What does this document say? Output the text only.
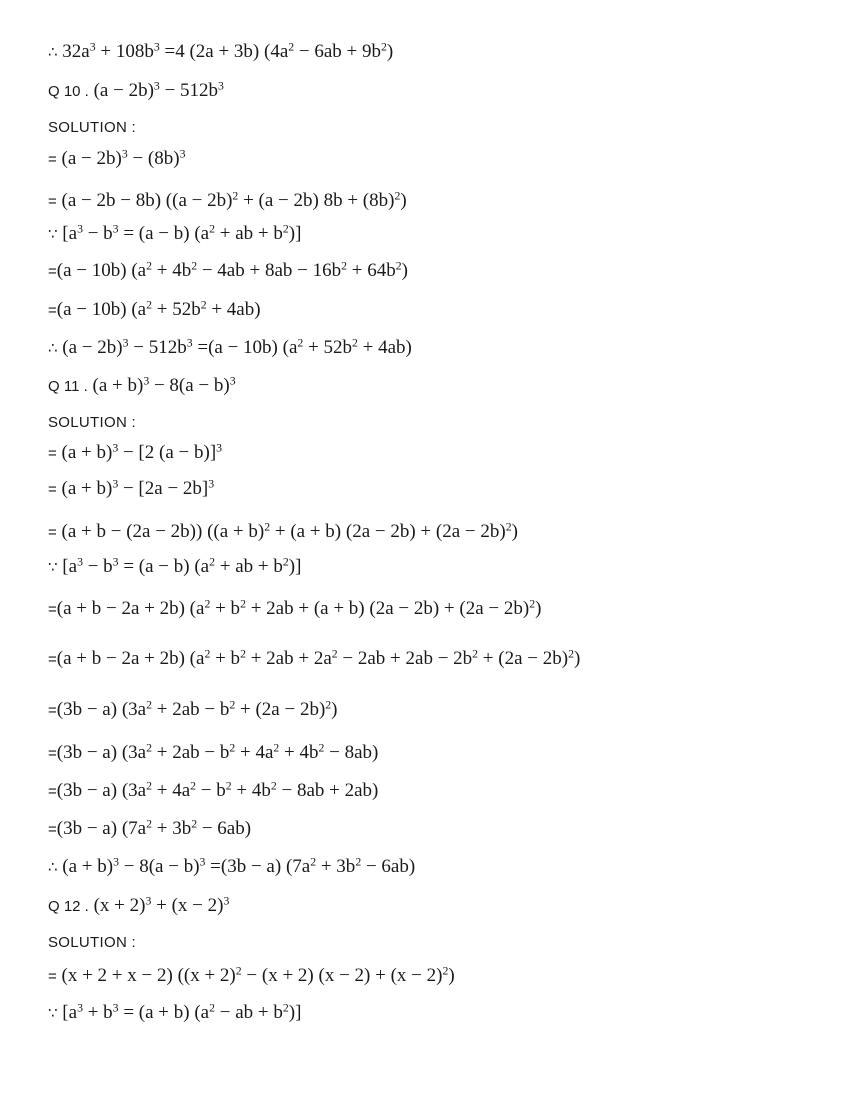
∴ $32a^3 + 108b^3 =4$ (2a + 3b) $(4a^2 - 6ab + 9b^2)$
Q 10 . $(a - 2b)^3 - 512b^3$
SOLUTION :
= $(a - 2b)^3 - (8b)^3$
= (a − 2b − 8b) ($(a - 2b)^2 + (a - 2b)$ $8b + (8b)^2$)
∵ [$a^3 - b^3 = (a - b) (a^2$ + ab + $b^2$)]
=(a − 10b) $(a^2 + 4b^2 - 4ab + 8ab - 16b^2 + 64b^2)$
=(a − 10b) $(a^2 + 52b^2 + 4ab)$
∴ $(a - 2b)^3 - 512b^3 =(a - 10b)$ $(a^2 + 52b^2 + 4ab)$
Q 11 . $(a + b)^3 - 8(a - b)^3$
SOLUTION :
= $(a + b)^3 - [2$ (a − b)]$^3$
= $(a + b)^3 - [2a - 2b]^3$
= (a + b − (2a − 2b)) ($(a + b)^2 + (a + b)$ $(2a - 2b) + (2a - 2b)^2$)
∵ [$a^3 - b^3 = (a - b) (a^2$ + ab + $b^2$)]
=(a + b − 2a + 2b) $(a^2 + b^2 + 2ab + (a + b) (2a - 2b) + (2a - 2b)^2)$
=(a + b − 2a + 2b) $(a^2 + b^2 + 2ab + 2a^2 - 2ab + 2ab - 2b^2 + (2a - 2b)^2)$
=(3b − a) $(3a^2 + 2ab - b^2 + (2a - 2b)^2)$
=(3b − a) $(3a^2 + 2ab - b^2 + 4a^2 + 4b^2 - 8ab)$
=(3b − a) $(3a^2 + 4a^2 - b^2 + 4b^2 - 8ab + 2ab)$
=(3b − a) $(7a^2 + 3b^2 - 6ab)$
∴ $(a + b)^3 - 8(a - b)^3 =(3b - a)$ $(7a^2 + 3b^2 - 6ab)$
Q 12 . $(x + 2)^3 + (x - 2)^3$
SOLUTION :
= (x + 2 + x − 2) ($(x + 2)^2 - (x + 2)$ $(x - 2) + (x - 2)^2$)
∵ [$a^3 + b^3 = (a + b) (a^2$ − ab + $b^2$)]
